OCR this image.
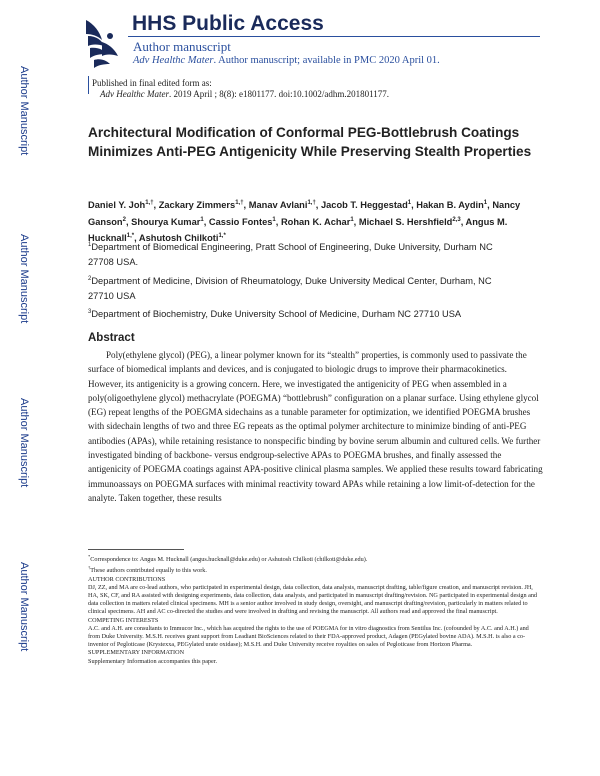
HHS Public Access
Author manuscript
Adv Healthc Mater. Author manuscript; available in PMC 2020 April 01.
Author Manuscript
Author Manuscript
Author Manuscript
Author Manuscript
Published in final edited form as:
Adv Healthc Mater. 2019 April ; 8(8): e1801177. doi:10.1002/adhm.201801177.
Architectural Modification of Conformal PEG-Bottlebrush Coatings Minimizes Anti-PEG Antigenicity While Preserving Stealth Properties
Daniel Y. Joh$^{1,\dagger}$, Zackary Zimmers$^{1,\dagger}$, Manav Avlani$^{1,\dagger}$, Jacob T. Heggestad$^1$, Hakan B. Aydin$^1$, Nancy Ganson$^2$, Shourya Kumar$^1$, Cassio Fontes$^1$, Rohan K. Achar$^1$, Michael S. Hershfield$^{2,3}$, Angus M. Hucknall$^{1,*}$, Ashutosh Chilkoti$^{1,*}$
$^1$Department of Biomedical Engineering, Pratt School of Engineering, Duke University, Durham NC 27708 USA.
$^2$Department of Medicine, Division of Rheumatology, Duke University Medical Center, Durham, NC 27710 USA
$^3$Department of Biochemistry, Duke University School of Medicine, Durham NC 27710 USA
Abstract

Poly(ethylene glycol) (PEG), a linear polymer known for its “stealth” properties, is commonly used to passivate the surface of biomedical implants and devices, and is conjugated to biologic drugs to improve their pharmacokinetics. However, its antigenicity is a growing concern. Here, we investigated the antigenicity of PEG when assembled in a poly(oligoethylene glycol) methacrylate (POEGMA) “bottlebrush” configuration on a planar surface. Using ethylene glycol (EG) repeat lengths of the POEGMA sidechains as a tunable parameter for optimization, we identified POEGMA brushes with sidechain lengths of two and three EG repeats as the optimal polymer architecture to minimize binding of anti-PEG antibodies (APAs), while retaining resistance to nonspecific binding by bovine serum albumin and cultured cells. We further investigated binding of backbone- versus endgroup-selective APAs to POEGMA brushes, and finally assessed the antigenicity of POEGMA coatings against APA-positive clinical plasma samples. We applied these results toward fabricating immunoassays on POEGMA surfaces with minimal reactivity toward APAs while retaining a low limit-of-detection for the analyte. Taken together, these results

*Correspondence to: Angus M. Hucknall (angus.hucknall@duke.edu) or Ashutosh Chilkoti (chilkoti@duke.edu).

†These authors contributed equally to this work.

AUTHOR CONTRIBUTIONS

DJ, ZZ, and MA are co-lead authors, who participated in experimental design, data collection, data analysis, manuscript drafting, table/figure creation, and manuscript revision. JH, HA, SK, CF, and RA assisted with designing experiments, data collection, data analysis, and participated in manuscript drafting/revision. NG participated in experimental design and data collection in matters related clinical specimens. MH is a senior author involved in study design, oversight, and manuscript drafting/revision, particularly in matters related to clinical specimens. AH and AC co-directed the studies and were involved in drafting and revising the manuscript. All authors read and approved the final manuscript.

COMPETING INTERESTS

A.C. and A.H. are consultants to Immucor Inc., which has acquired the rights to the use of POEGMA for in vitro diagnostics from Sentilus Inc. (cofounded by A.C. and A.H.) and from Duke University. M.S.H. receives grant support from Leadiant BioSciences related to their FDA-approved product, Adagen (PEGylated bovine ADA). M.S.H. is also a co-inventor of Pegloticase (Krystexxa, PEGylated urate oxidase); M.S.H. and Duke University receive royalties on sales of Pegloticase from Horizon Pharma.

SUPPLEMENTARY INFORMATION

Supplementary Information accompanies this paper.
